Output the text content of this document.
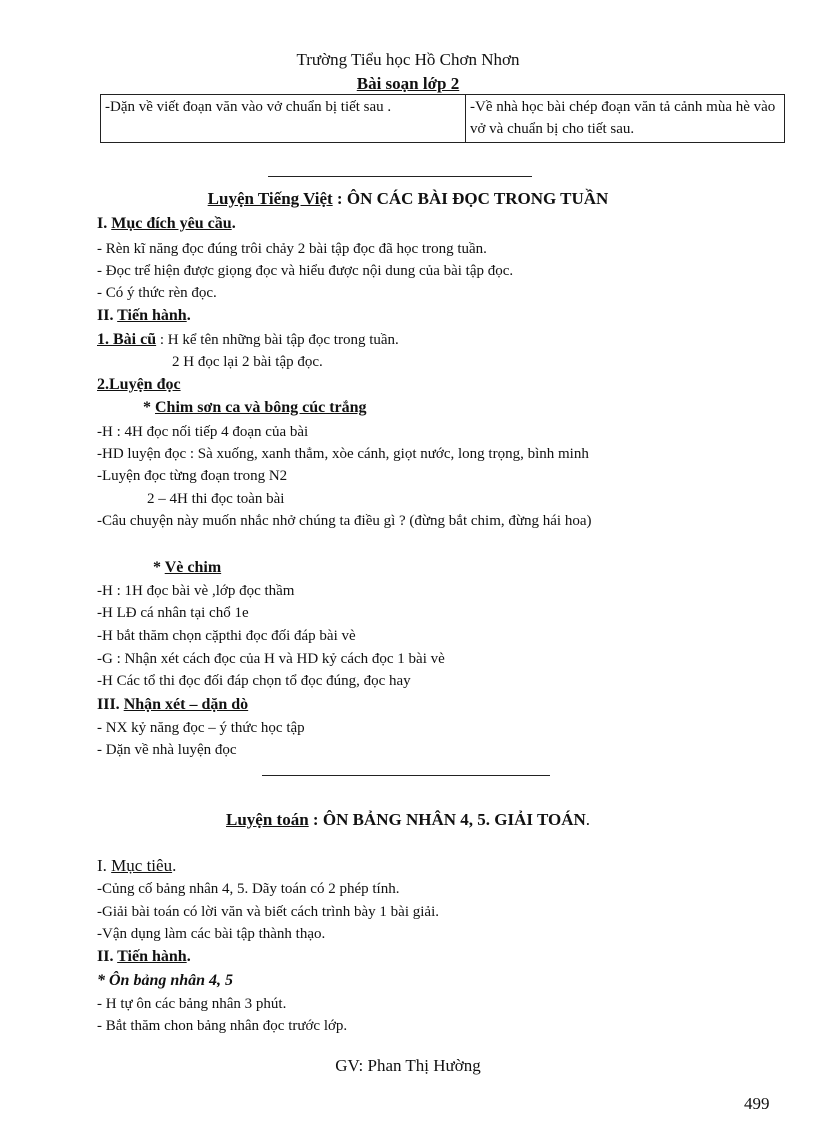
Trường Tiểu học Hồ Chơn Nhơn
Bài soạn lớp 2
-Dặn về viết đoạn văn vào vở chuẩn bị tiết sau .	-Về nhà học bài chép đoạn văn tả cảnh mùa hè vào vở và chuẩn bị cho tiết sau.
Luyện Tiếng Việt : ÔN CÁC BÀI ĐỌC TRONG TUẦN
I. Mục đích yêu cầu.
- Rèn kĩ năng đọc đúng trôi chảy 2 bài tập đọc đã học trong tuần.
- Đọc trể hiện được giọng đọc và hiểu được nội dung của bài tập đọc.
- Có ý thức rèn đọc.
II. Tiến hành.
1. Bài cũ : H kể tên những bài tập đọc trong tuần.
2 H đọc lại 2 bài tập đọc.
2.Luyện đọc
* Chim sơn ca và bông cúc trắng
-H : 4H đọc nối tiếp 4 đoạn của bài
-HD luyện đọc : Sà xuống, xanh thẳm, xòe cánh, giọt nước, long trọng, bình minh
-Luyện đọc từng đoạn trong N2
2 – 4H thi đọc toàn bài
-Câu chuyện này muốn nhắc nhở chúng ta điều gì ? (đừng bắt chim, đừng hái hoa)
* Vè chim
-H : 1H đọc bài vè ,lớp đọc thầm
-H LĐ cá nhân tại chổ 1e
-H bắt thăm chọn cặpthi đọc đối đáp bài vè
-G : Nhận xét cách đọc của H và HD kỷ cách đọc 1 bài vè
-H Các tổ thi đọc đối đáp chọn tổ đọc đúng, đọc hay
III. Nhận xét – dặn dò
- NX kỷ năng đọc – ý thức học tập
- Dặn về nhà luyện đọc
Luyện toán : ÔN BẢNG NHÂN 4, 5. GIẢI TOÁN.
I. Mục tiêu.
-Củng cố bảng nhân 4, 5. Dãy toán có 2 phép tính.
-Giải bài toán có lời văn và biết cách trình bày 1 bài giải.
-Vận dụng làm các bài tập thành thạo.
II. Tiến hành.
* Ôn bảng nhân 4, 5
- H tự ôn các bảng nhân 3 phút.
- Bắt thăm chon bảng nhân đọc trước lớp.
GV: Phan Thị Hường
499
